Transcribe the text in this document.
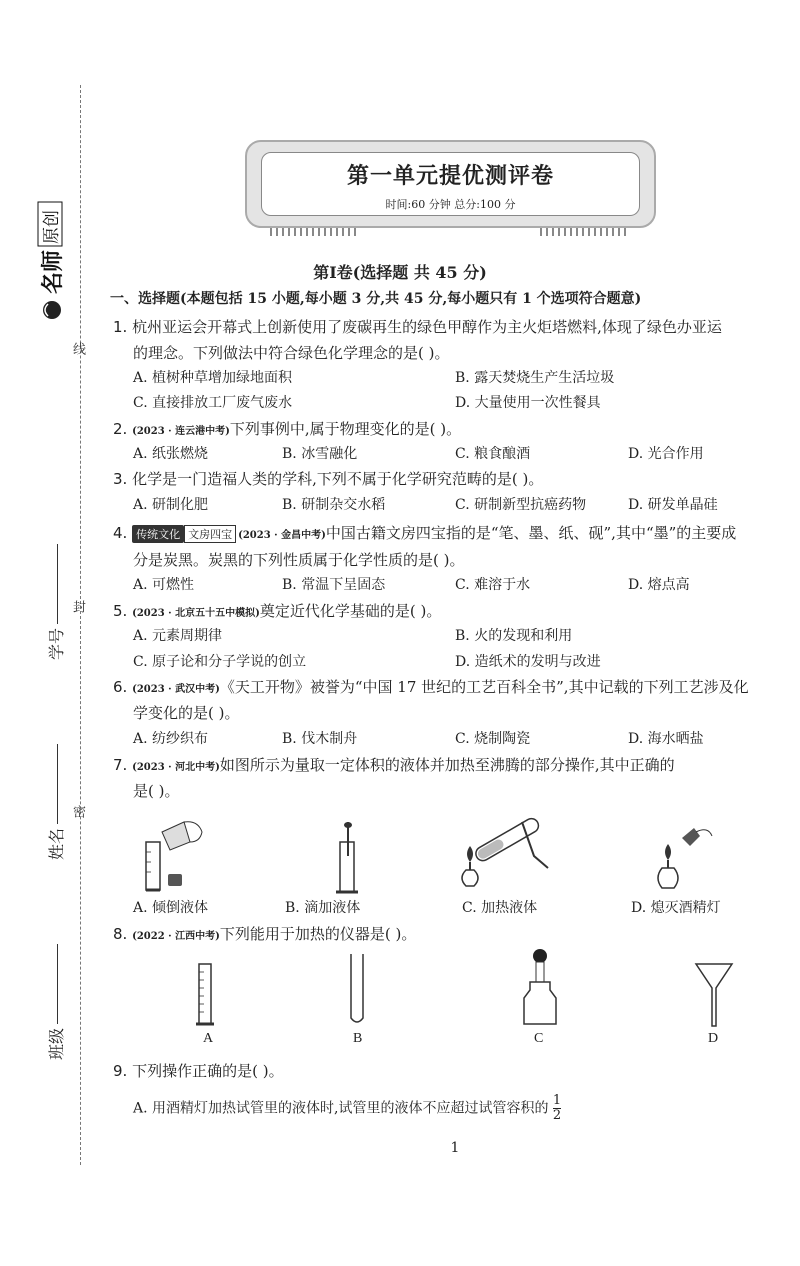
线
封
密
学号
姓名
班级
名师
原创
第一单元提优测评卷
时间:60 分钟 总分:100 分
第Ⅰ卷(选择题 共 45 分)
一、选择题(本题包括 15 小题,每小题 3 分,共 45 分,每小题只有 1 个选项符合题意)
1. 杭州亚运会开幕式上创新使用了废碳再生的绿色甲醇作为主火炬塔燃料,体现了绿色办亚运
的理念。下列做法中符合绿色化学理念的是( )。
A. 植树种草增加绿地面积	B. 露天焚烧生产生活垃圾
C. 直接排放工厂废气废水	D. 大量使用一次性餐具
2. (2023 · 连云港中考)下列事例中,属于物理变化的是( )。
A. 纸张燃烧	B. 冰雪融化	C. 粮食酿酒	D. 光合作用
3. 化学是一门造福人类的学科,下列不属于化学研究范畴的是( )。
A. 研制化肥	B. 研制杂交水稻	C. 研制新型抗癌药物	D. 研发单晶硅
4. 传统文化 文房四宝 (2023 · 金昌中考)中国古籍文房四宝指的是“笔、墨、纸、砚”,其中“墨”的主要成
分是炭黑。炭黑的下列性质属于化学性质的是( )。
A. 可燃性	B. 常温下呈固态	C. 难溶于水	D. 熔点高
5. (2023 · 北京五十五中模拟)奠定近代化学基础的是( )。
A. 元素周期律	B. 火的发现和利用
C. 原子论和分子学说的创立	D. 造纸术的发明与改进
6. (2023 · 武汉中考)《天工开物》被誉为“中国 17 世纪的工艺百科全书”,其中记载的下列工艺涉及化
学变化的是( )。
A. 纺纱织布	B. 伐木制舟	C. 烧制陶瓷	D. 海水晒盐
7. (2023 · 河北中考)如图所示为量取一定体积的液体并加热至沸腾的部分操作,其中正确的
是( )。
A. 倾倒液体	B. 滴加液体	C. 加热液体	D. 熄灭酒精灯
8. (2022 · 江西中考)下列能用于加热的仪器是( )。
A	B	C	D
9. 下列操作正确的是( )。
A. 用酒精灯加热试管里的液体时,试管里的液体不应超过试管容积的 $\frac{1}{2}$
1
